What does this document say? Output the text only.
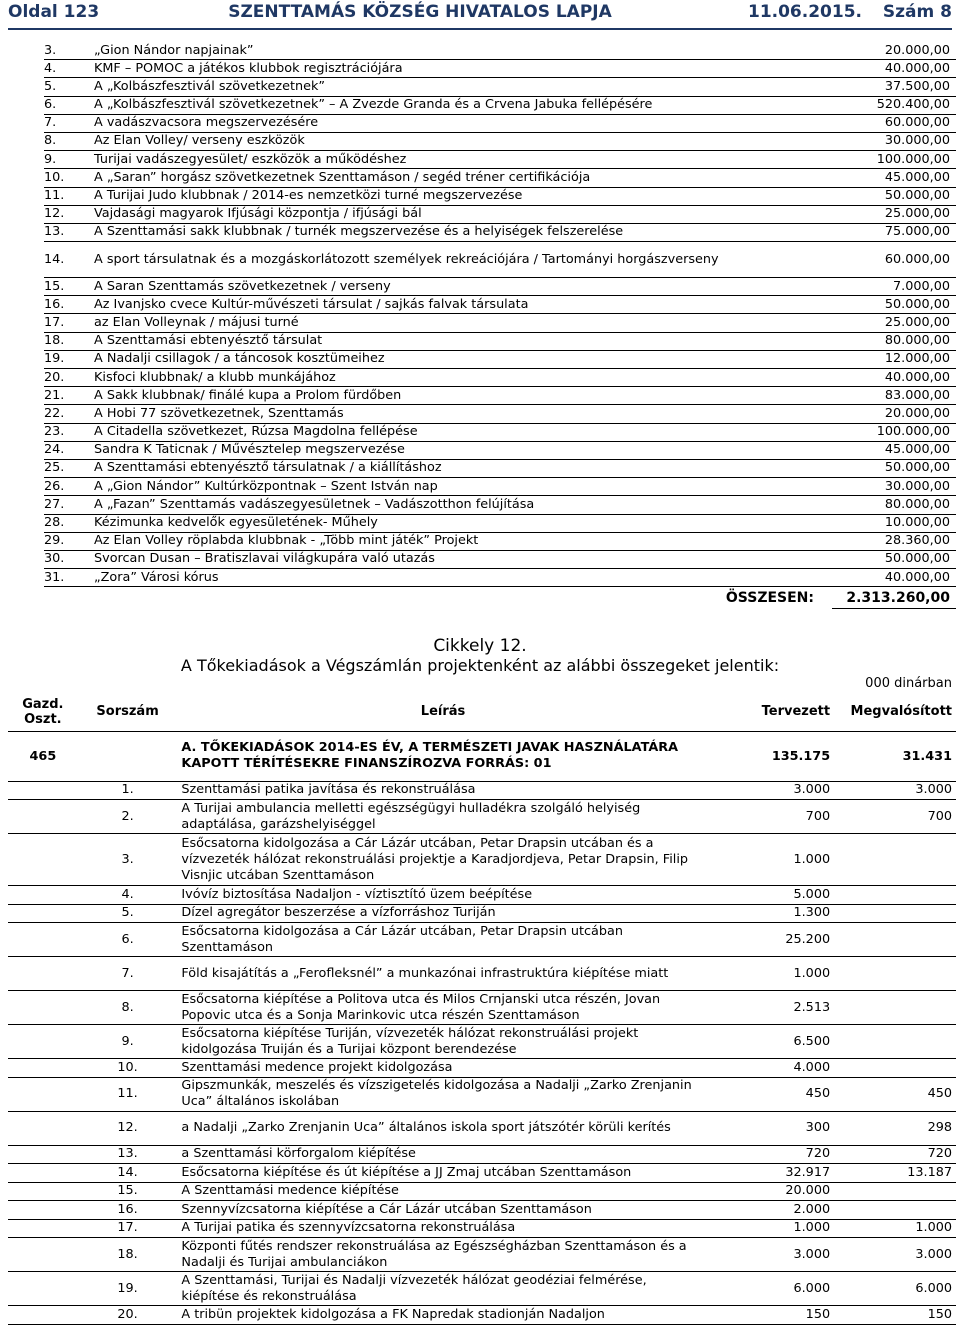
Oldal 123	SZENTTAMÁS KÖZSÉG HIVATALOS LAPJA	11.06.2015. Szám 8
3.	„Gion Nándor napjainak”	20.000,00
4.	KMF – POMOC a játékos klubbok regisztrációjára	40.000,00
5.	A „Kolbászfesztivál szövetkezetnek”	37.500,00
6.	A „Kolbászfesztivál szövetkezetnek” – A Zvezde Granda és a Crvena Jabuka fellépésére	520.400,00
7.	A vadászvacsora megszervezésére	60.000,00
8.	Az Elan Volley/ verseny eszközök	30.000,00
9.	Turijai vadászegyesület/ eszközök a működéshez	100.000,00
10.	A „Saran” horgász szövetkezetnek Szenttamáson / segéd tréner certifikációja	45.000,00
11.	A Turijai Judo klubbnak / 2014-es nemzetközi turné megszervezése	50.000,00
12.	Vajdasági magyarok Ifjúsági központja / ifjúsági bál	25.000,00
13.	A Szenttamási sakk klubbnak / turnék megszervezése és a helyiségek felszerelése	75.000,00
14.	A sport társulatnak és a mozgáskorlátozott személyek rekreációjára / Tartományi horgászverseny	60.000,00
15.	A Saran Szenttamás szövetkezetnek / verseny	7.000,00
16.	Az Ivanjsko cvece Kultúr-művészeti társulat / sajkás falvak társulata	50.000,00
17.	az Elan Volleynak / májusi turné	25.000,00
18.	A Szenttamási ebtenyésztő társulat	80.000,00
19.	A Nadalji csillagok / a táncosok kosztümeihez	12.000,00
20.	Kisfoci klubbnak/ a klubb munkájához	40.000,00
21.	A Sakk klubbnak/ finálé kupa a Prolom fürdőben	83.000,00
22.	A Hobi 77 szövetkezetnek, Szenttamás	20.000,00
23.	A Citadella szövetkezet, Rúzsa Magdolna fellépése	100.000,00
24.	Sandra K Taticnak / Művésztelep megszervezése	45.000,00
25.	A Szenttamási ebtenyésztő társulatnak / a kiállításhoz	50.000,00
26.	A „Gion Nándor” Kultúrközpontnak – Szent István nap	30.000,00
27.	A „Fazan” Szenttamás vadászegyesületnek – Vadászotthon felújítása	80.000,00
28.	Kézimunka kedvelők egyesületének- Műhely	10.000,00
29.	Az Elan Volley röplabda klubbnak - „Több mint játék” Projekt	28.360,00
30.	Svorcan Dusan – Bratiszlavai világkupára való utazás	50.000,00
31.	„Zora” Városi kórus	40.000,00
ÖSSZESEN:	2.313.260,00
Cikkely 12.
A Tőkekiadások a Végszámlán projektenként az alábbi összegeket jelentik:
000 dinárban
Gazd. Oszt.	Sorszám	Leírás	Tervezett	Megvalósított
465		A. TŐKEKIADÁSOK 2014-ES ÉV, A TERMÉSZETI JAVAK HASZNÁLATÁRA KAPOTT TÉRÍTÉSEKRE FINANSZÍROZVA FORRÁS: 01	135.175	31.431
	1.	Szenttamási patika javítása és rekonstruálása	3.000	3.000
	2.	A Turijai ambulancia melletti egészségügyi hulladékra szolgáló helyiség adaptálása, garázshelyiséggel	700	700
	3.	Esőcsatorna kidolgozása a Cár Lázár utcában, Petar Drapsin utcában és a vízvezeték hálózat rekonstruálási projektje a Karadjordjeva, Petar Drapsin, Filip Visnjic utcában Szenttamáson	1.000	
	4.	Ivóvíz biztosítása Nadaljon - víztisztító üzem beépítése	5.000	
	5.	Dízel agregátor beszerzése a vízforráshoz Turiján	1.300	
	6.	Esőcsatorna kidolgozása a Cár Lázár utcában, Petar Drapsin utcában Szenttamáson	25.200	
	7.	Föld kisajátítás a „Ferofleksnél” a munkazónai infrastruktúra kiépítése miatt	1.000	
	8.	Esőcsatorna kiépítése a Politova utca és Milos Crnjanski utca részén, Jovan Popovic utca és a Sonja Marinkovic utca részén Szenttamáson	2.513	
	9.	Esőcsatorna kiépítése Turiján, vízvezeték hálózat rekonstruálási projekt kidolgozása Truiján és a Turijai központ berendezése	6.500	
	10.	Szenttamási medence projekt kidolgozása	4.000	
	11.	Gipszmunkák, meszelés és vízszigetelés kidolgozása a Nadalji „Zarko Zrenjanin Uca” általános iskolában	450	450
	12.	a Nadalji „Zarko Zrenjanin Uca” általános iskola sport játszótér körüli kerítés	300	298
	13.	a Szenttamási körforgalom kiépítése	720	720
	14.	Esőcsatorna kiépítése és út kiépítése a JJ Zmaj utcában Szenttamáson	32.917	13.187
	15.	A Szenttamási medence kiépítése	20.000	
	16.	Szennyvízcsatorna kiépítése a Cár Lázár utcában Szenttamáson	2.000	
	17.	A Turijai patika és szennyvízcsatorna rekonstruálása	1.000	1.000
	18.	Központi fűtés rendszer rekonstruálása az Egészségházban Szenttamáson és a Nadalji és Turijai ambulanciákon	3.000	3.000
	19.	A Szenttamási, Turijai és Nadalji vízvezeték hálózat geodéziai felmérése, kiépítése és rekonstruálása	6.000	6.000
	20.	A tribün projektek kidolgozása a FK Napredak stadionján Nadaljon	150	150
